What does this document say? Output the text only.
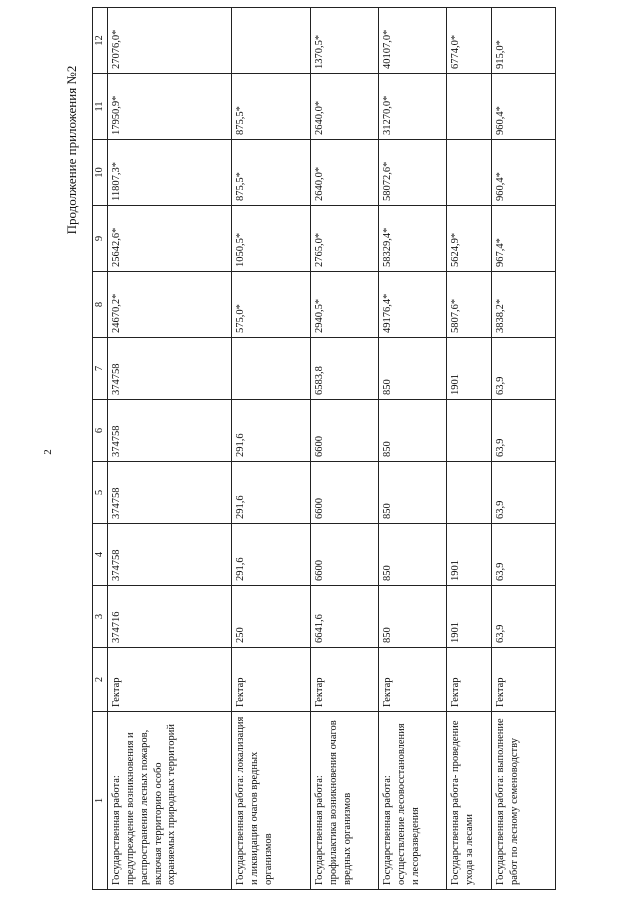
2
Продолжение приложения №2
1	2	3	4	5	6	7	8	9	10	11	12
Государственная работа: предупреждение возникновения и распространения лесных пожаров, включая территорию особо охраняемых природных территорий	Гектар	374716	374758	374758	374758	374758	24670,2*	25642,6*	11807,3*	17950,9*	27076,0*
Государственная работа: локализация и ликвидация очагов вредных организмов	Гектар	250	291,6	291,6	291,6		575,0*	1050,5*	875,5*	875,5*	
Государственная работа: профилактика возникновения очагов вредных организмов	Гектар	6641,6	6600	6600	6600	6583,8	2940,5*	2765,0*	2640,0*	2640,0*	1370,5*
Государственная работа: осуществление лесовосстановления и лесоразведения	Гектар	850	850	850	850	850	49176,4*	58329,4*	58072,6*	31270,0*	40107,0*
Государственная работа- проведение ухода за лесами	Гектар	1901	1901			1901	5807,6*	5624,9*			6774,0*
Государственная работа: выполнение работ по лесному семеноводству	Гектар	63,9	63,9	63,9	63,9	63,9	3838,2*	967,4*	960,4*	960,4*	915,0*
